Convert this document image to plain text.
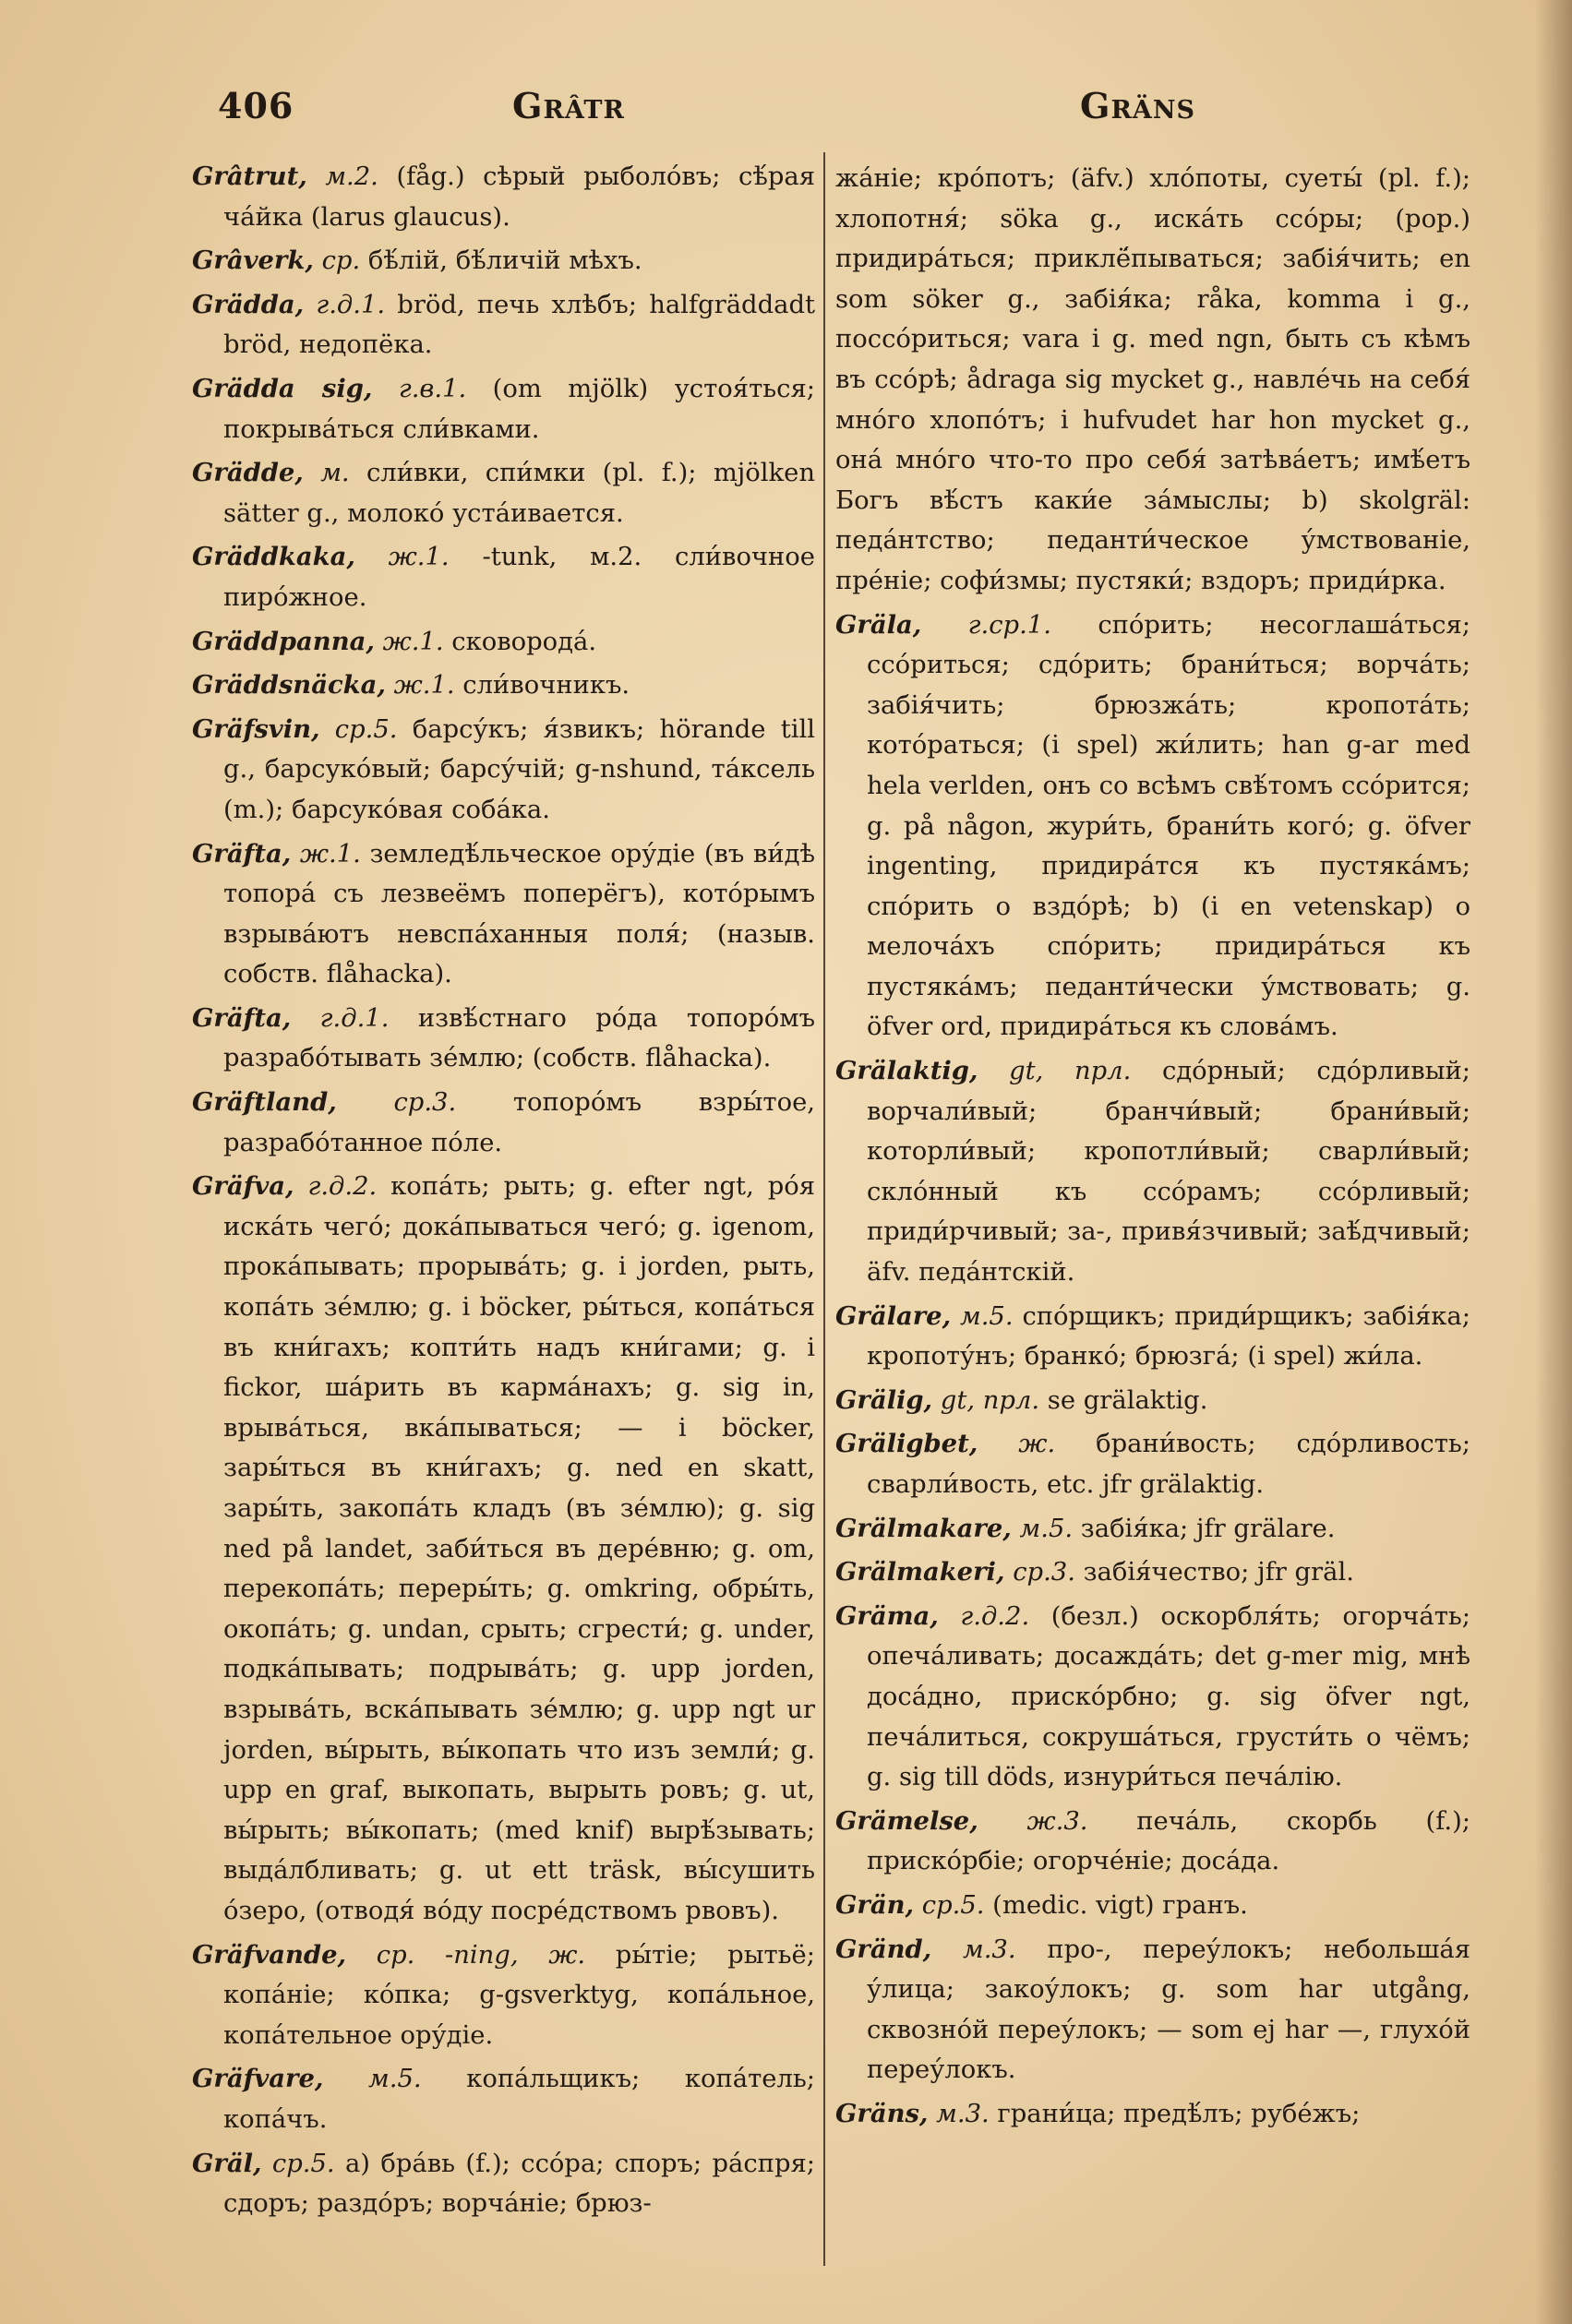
406	Grâtr	Gräns

Grâtrut, м.2. (fåg.) сѣрый рыболо́въ; сѣ́рая ча́йка (larus glaucus).

Grâverk, ср. бѣ́лій, бѣ́личій мѣхъ.

Grädda, г.д.1. bröd, печь хлѣбъ; halfgräddadt bröd, недопёка.

Grädda sig, г.в.1. (om mjölk) устоя́ться; покрыва́ться сли́вками.

Grädde, м. сли́вки, спи́мки (pl. f.); mjölken sätter g., молоко́ уста́ивается.

Gräddkaka, ж.1. -tunk, м.2. сли́вочное пиро́жное.

Gräddpanna, ж.1. сковорода́.

Gräddsnäcka, ж.1. сли́вочникъ.

Gräfsvin, ср.5. барсу́къ; я́звикъ; hörande till g., барсуко́вый; барсу́чій; g-nshund, та́ксель (m.); барсуко́вая соба́ка.

Gräfta, ж.1. земледѣ́льческое ору́діе (въ ви́дѣ топора́ съ лезвеёмъ поперёгъ), кото́рымъ взрыва́ютъ невспа́ханныя поля́; (назыв. собств. flåhacka).

Gräfta, г.д.1. извѣ́стнаго ро́да топоро́мъ разрабо́тывать зе́млю; (собств. flåhacka).

Gräftland, ср.3. топоро́мъ взры́тое, разрабо́танное по́ле.

Gräfva, г.д.2. копа́ть; рыть; g. efter ngt, ро́я иска́ть чего́; дока́пываться чего́; g. igenom, прока́пывать; прорыва́ть; g. i jorden, рыть, копа́ть зе́млю; g. i böcker, ры́ться, копа́ться въ кни́гахъ; копти́ть надъ кни́гами; g. i fickor, ша́рить въ карма́нахъ; g. sig in, врыва́ться, вка́пываться; — i böcker, зары́ться въ кни́гахъ; g. ned en skatt, зары́ть, закопа́ть кладъ (въ зе́млю); g. sig ned på landet, заби́ться въ дере́вню; g. om, перекопа́ть; переры́ть; g. omkring, обры́ть, окопа́ть; g. undan, срыть; сгрести́; g. under, подка́пывать; подрыва́ть; g. upp jorden, взрыва́ть, вска́пывать зе́млю; g. upp ngt ur jorden, вы́рыть, вы́копать что изъ земли́; g. upp en graf, выкопать, вырыть ровъ; g. ut, вы́рыть; вы́копать; (med knif) вырѣ́зывать; выда́лбливать; g. ut ett träsk, вы́сушить о́зеро, (отводя́ во́ду посре́дствомъ рвовъ).

Gräfvande, ср. -ning, ж. ры́тіе; рытьё; копа́ніе; ко́пка; g-gsverktyg, копа́льное, копа́тельное ору́діе.

Gräfvare, м.5. копа́льщикъ; копа́тель; копа́чъ.

Gräl, ср.5. a) бра́вь (f.); ссо́ра; споръ; ра́спря; сдоръ; раздо́ръ; ворча́ніе; брюз-

жа́ніе; кро́потъ; (äfv.) хло́поты, суеты́ (pl. f.); хлопотня́; söka g., иска́ть ссо́ры; (pop.) придира́ться; приклё́пываться; забія́чить; en som söker g., забія́ка; råka, komma i g., поссо́риться; vara i g. med ngn, быть съ кѣмъ въ ссо́рѣ; ådraga sig mycket g., навле́чь на себя́ мно́го хлопо́тъ; i hufvudet har hon mycket g., она́ мно́го что-то про себя́ затѣва́етъ; имѣ́етъ Богъ вѣ́стъ каки́е за́мыслы; b) skolgräl: педа́нтство; педанти́ческое у́мствованіе, пре́ніе; софи́змы; пустяки́; вздоръ; приди́рка.

Gräla, г.ср.1. спо́рить; несоглаша́ться; ссо́риться; сдо́рить; брани́ться; ворча́ть; забія́чить; брюзжа́ть; кропота́ть; кото́раться; (i spel) жи́лить; han g-ar med hela verlden, онъ со всѣмъ свѣ́томъ ссо́рится; g. på någon, жури́ть, брани́ть кого́; g. öfver ingenting, придира́тся къ пустяка́мъ; спо́рить о вздо́рѣ; b) (i en vetenskap) о мелоча́хъ спо́рить; придира́ться къ пустяка́мъ; педанти́чески у́мствовать; g. öfver ord, придира́ться къ слова́мъ.

Grälaktig, gt, прл. сдо́рный; сдо́рливый; ворчали́вый; бранчи́вый; брани́вый; которли́вый; кропотли́вый; сварли́вый; скло́нный къ ссо́рамъ; ссо́рливый; приди́рчивый; за-, привя́зчивый; заѣ́дчивый; äfv. педа́нтскій.

Grälare, м.5. спо́рщикъ; приди́рщикъ; забія́ка; кропоту́нъ; бранко́; брюзга́; (i spel) жи́ла.

Grälig, gt, прл. se grälaktig.

Gräligbet, ж. брани́вость; сдо́рливость; сварли́вость, etc. jfr grälaktig.

Grälmakare, м.5. забія́ка; jfr grälare.

Grälmakeri, ср.3. забія́чество; jfr gräl.

Gräma, г.д.2. (безл.) оскорбля́ть; огорча́ть; опеча́ливать; досажда́ть; det g-mer mig, мнѣ доса́дно, приско́рбно; g. sig öfver ngt, печа́литься, сокруша́ться, грусти́ть о чёмъ; g. sig till döds, изнури́ться печа́лію.

Grämelse, ж.3. печа́ль, скорбь (f.); приско́рбіе; огорче́ніе; доса́да.

Grän, ср.5. (medic. vigt) гранъ.

Gränd, м.3. про-, переу́локъ; небольша́я у́лица; закоу́локъ; g. som har utgång, сквозно́й переу́локъ; — som ej har —, глухо́й переу́локъ.

Gräns, м.3. грани́ца; предѣ́лъ; рубе́жъ;
